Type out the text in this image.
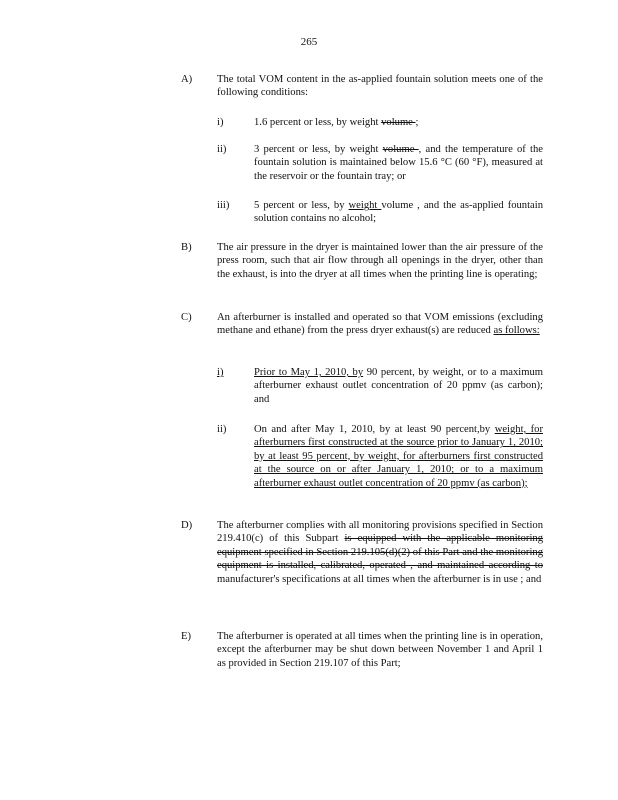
265
A) The total VOM content in the as-applied fountain solution meets one of the following conditions:
i)	1.6 percent or less, by weight volume ;
ii)	3 percent or less, by weight volume , and the temperature of the fountain solution is maintained below 15.6 °C (60 °F), measured at the reservoir or the fountain tray; or
iii) 5 percent or less, by weight volume , and the as-applied fountain solution contains no alcohol;
B) The air pressure in the dryer is maintained lower than the air pressure of the press room, such that air flow through all openings in the dryer, other than the exhaust, is into the dryer at all times when the printing line is operating;
C) An afterburner is installed and operated so that VOM emissions (excluding methane and ethane) from the press dryer exhaust(s) are reduced as follows:
i)	Prior to May 1, 2010, by 90 percent, by weight, or to a maximum afterburner exhaust outlet concentration of 20 ppmv (as carbon); and
ii)	On and after May 1, 2010, by at least 90 percent,by weight, for afterburners first constructed at the source prior to January 1, 2010; by at least 95 percent, by weight, for afterburners first constructed at the source on or after January 1, 2010; or to a maximum afterburner exhaust outlet concentration of 20 ppmv (as carbon);
D) The afterburner complies with all monitoring provisions specified in Section 219.410(c) of this Subpart is equipped with the applicable monitoring equipment specified in Section 219.105(d)(2) of this Part and the monitoring equipment is installed, calibrated, operated , and maintained according to manufacturer's specifications at all times when the afterburner is in use ; and
E) The afterburner is operated at all times when the printing line is in operation, except the afterburner may be shut down between November 1 and April 1 as provided in Section 219.107 of this Part;
